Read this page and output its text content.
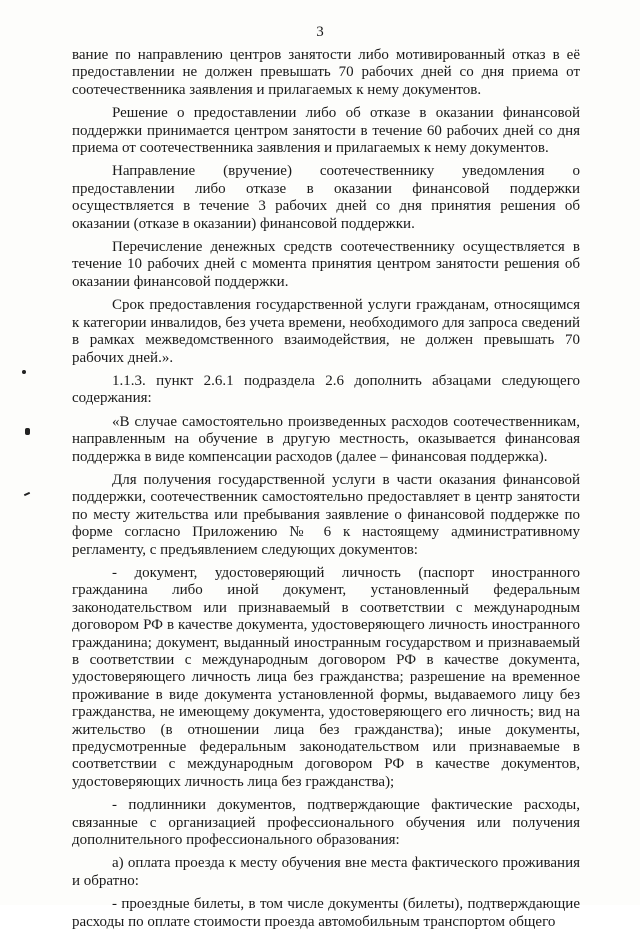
3

вание по направлению центров занятости либо мотивированный отказ в её предоставлении не должен превышать 70 рабочих дней со дня приема от соотечественника заявления и прилагаемых к нему документов.

Решение о предоставлении либо об отказе в оказании финансовой поддержки принимается центром занятости в течение 60 рабочих дней со дня приема от соотечественника заявления и прилагаемых к нему документов.

Направление (вручение) соотечественнику уведомления о предоставлении либо отказе в оказании финансовой поддержки осуществляется в течение 3 рабочих дней со дня принятия решения об оказании (отказе в оказании) финансовой поддержки.

Перечисление денежных средств соотечественнику осуществляется в течение 10 рабочих дней с момента принятия центром занятости решения об оказании финансовой поддержки.

Срок предоставления государственной услуги гражданам, относящимся к категории инвалидов, без учета времени, необходимого для запроса сведений в рамках межведомственного взаимодействия, не должен превышать 70 рабочих дней.».

1.1.3. пункт 2.6.1 подраздела 2.6 дополнить абзацами следующего содержания:

«В случае самостоятельно произведенных расходов соотечественникам, направленным на обучение в другую местность, оказывается финансовая поддержка в виде компенсации расходов (далее – финансовая поддержка).

Для получения государственной услуги в части оказания финансовой поддержки, соотечественник самостоятельно предоставляет в центр занятости по месту жительства или пребывания заявление о финансовой поддержке по форме согласно Приложению № 6 к настоящему административному регламенту, с предъявлением следующих документов:

- документ, удостоверяющий личность (паспорт иностранного гражданина либо иной документ, установленный федеральным законодательством или признаваемый в соответствии с международным договором РФ в качестве документа, удостоверяющего личность иностранного гражданина; документ, выданный иностранным государством и признаваемый в соответствии с международным договором РФ в качестве документа, удостоверяющего личность лица без гражданства; разрешение на временное проживание в виде документа установленной формы, выдаваемого лицу без гражданства, не имеющему документа, удостоверяющего его личность; вид на жительство (в отношении лица без гражданства); иные документы, предусмотренные федеральным законодательством или признаваемые в соответствии с международным договором РФ в качестве документов, удостоверяющих личность лица без гражданства);

- подлинники документов, подтверждающие фактические расходы, связанные с организацией профессионального обучения или получения дополнительного профессионального образования:

а) оплата проезда к месту обучения вне места фактического проживания и обратно:

- проездные билеты, в том числе документы (билеты), подтверждающие расходы по оплате стоимости проезда автомобильным транспортом общего
